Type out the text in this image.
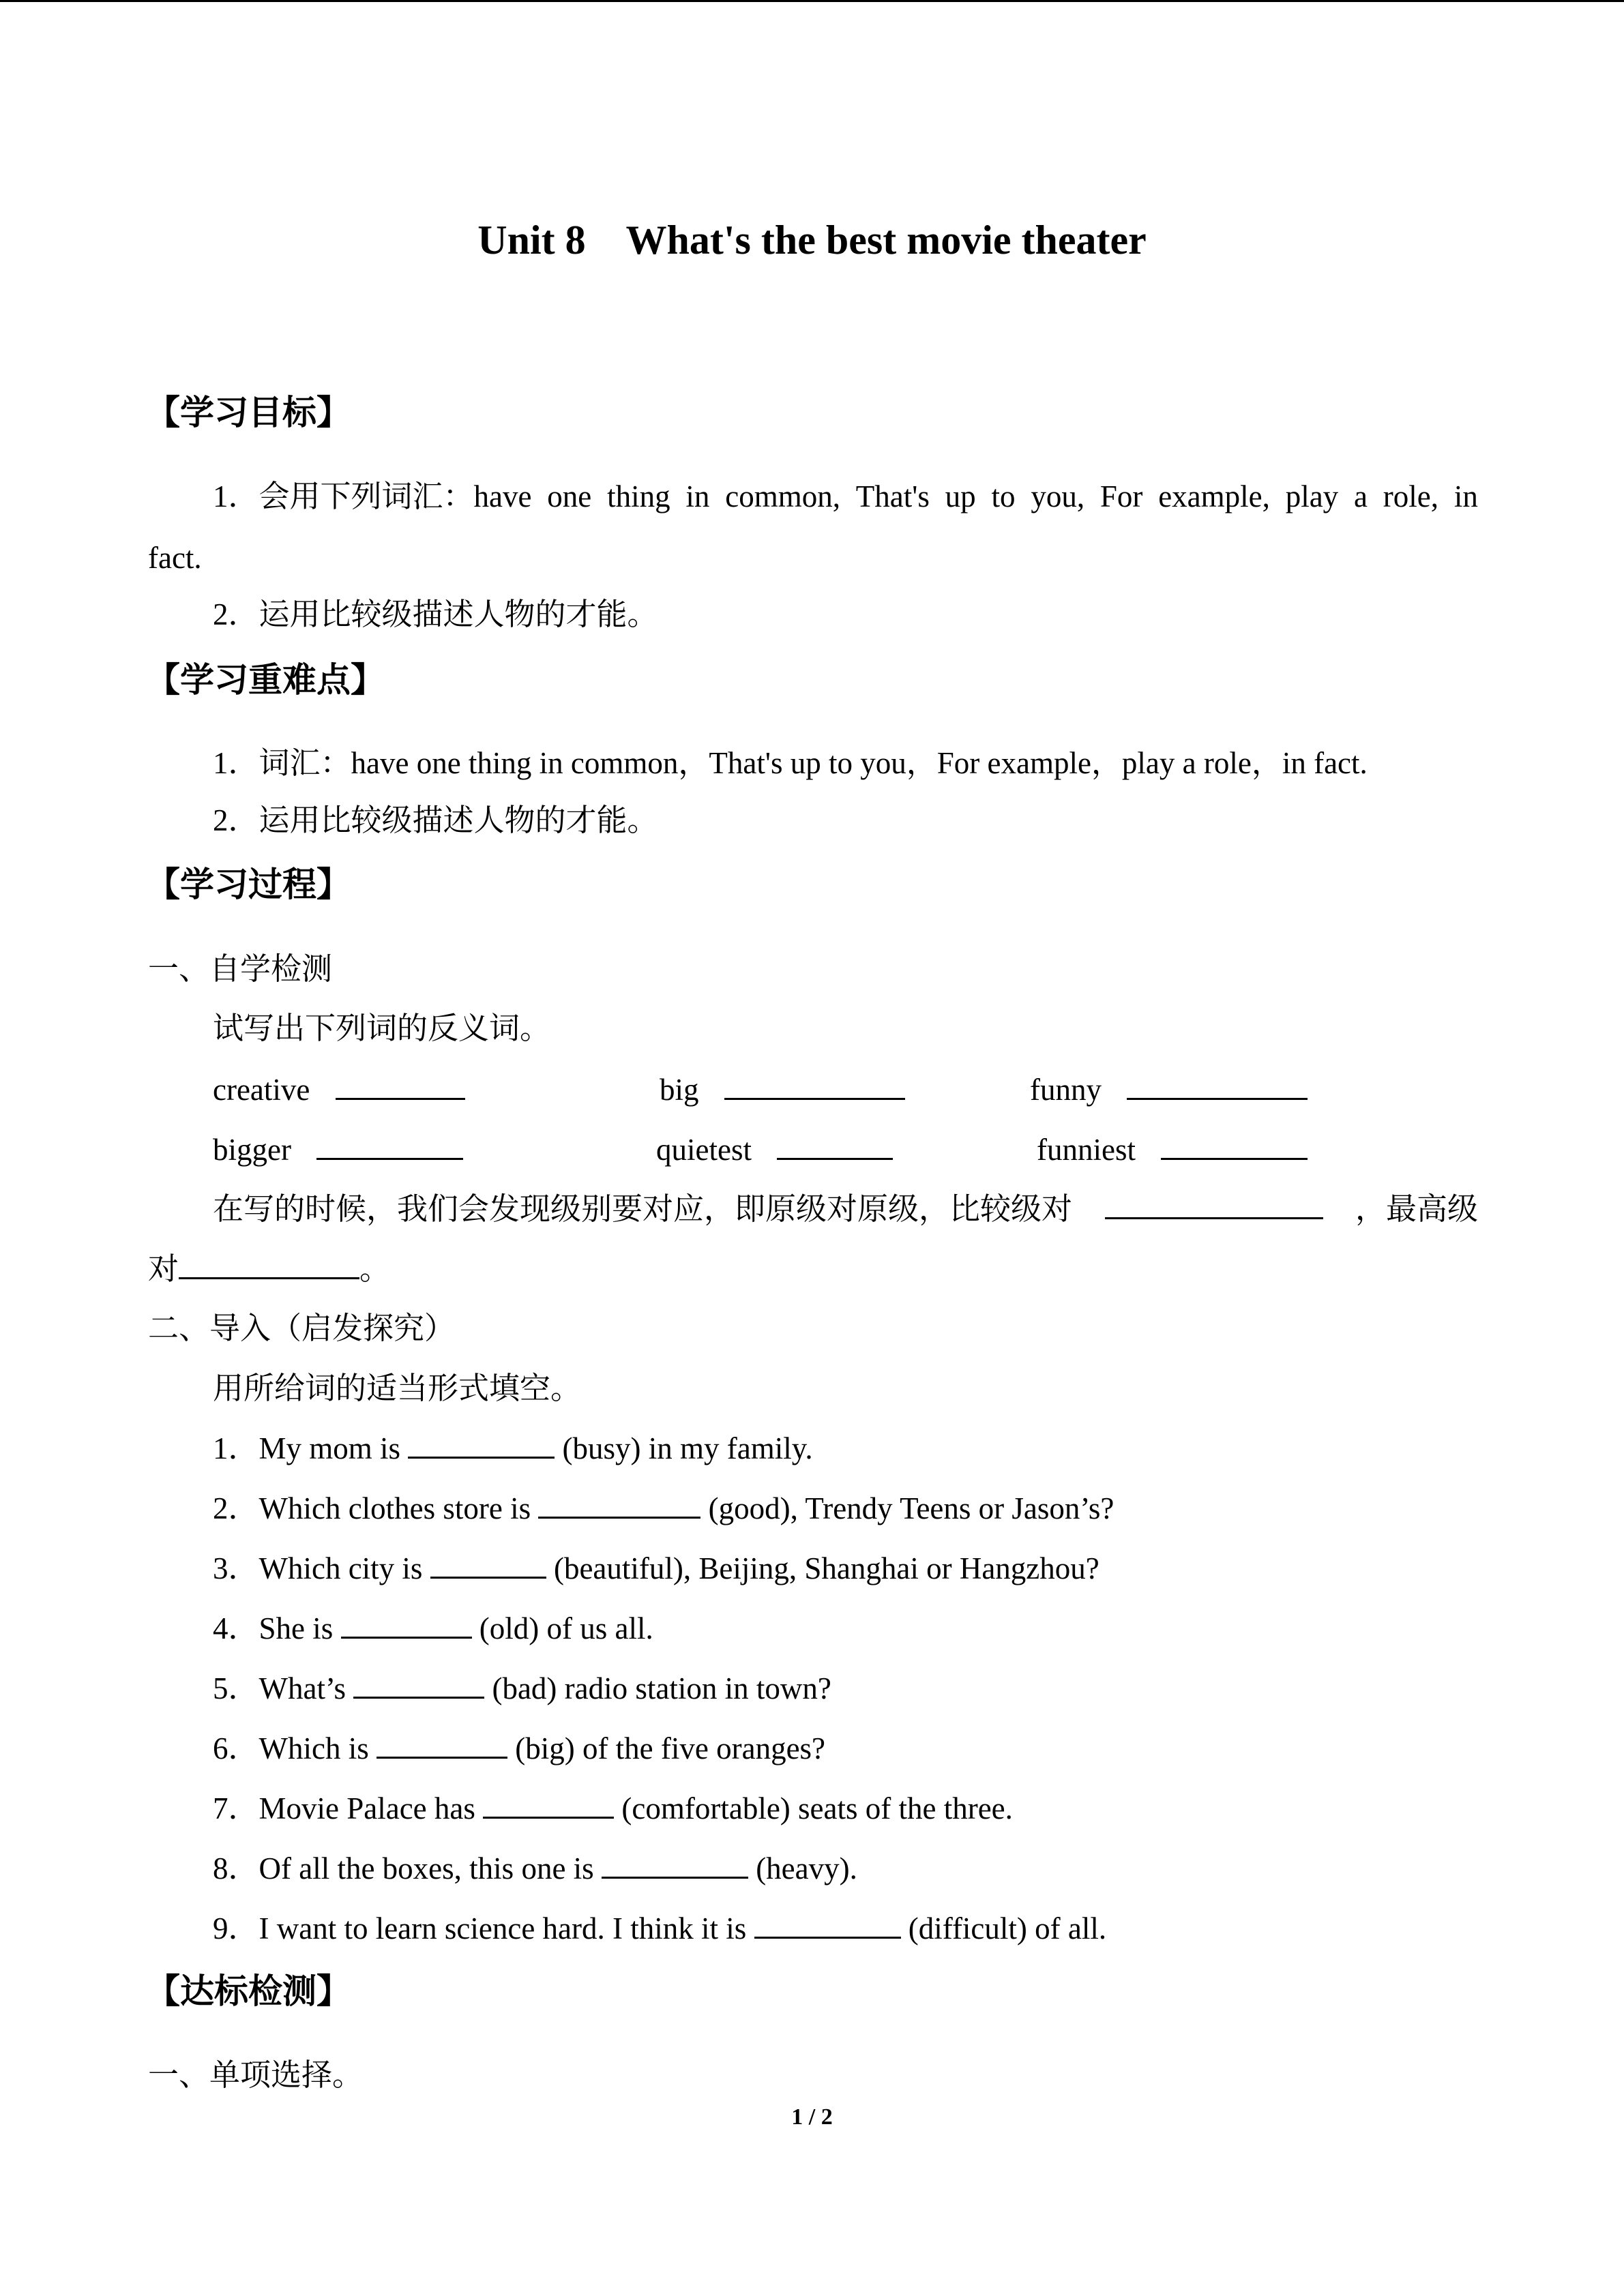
Unit 8    What's the best movie theater
【学习目标】
1．会用下列词汇：have one thing in common, That's up to you, For example, play a role, in
fact.
2．运用比较级描述人物的才能。
【学习重难点】
1．词汇：have one thing in common，That's up to you，For example，play a role，in fact.
2．运用比较级描述人物的才能。
【学习过程】
一、自学检测
试写出下列词的反义词。
creative	big	funny
bigger	quietest	funniest
在写的时候，我们会发现级别要对应，即原级对原级，比较级对	，最高级
对	。
二、导入（启发探究）
用所给词的适当形式填空。
1．My mom is	(busy) in my family.
2．Which clothes store is	(good), Trendy Teens or Jason’s?
3．Which city is	(beautiful), Beijing, Shanghai or Hangzhou?
4．She is	(old) of us all.
5．What’s	(bad) radio station in town?
6．Which is	(big) of the five oranges?
7．Movie Palace has	(comfortable) seats of the three.
8．Of all the boxes, this one is	(heavy).
9．I want to learn science hard. I think it is	(difficult) of all.
【达标检测】
一、单项选择。
1 / 2
